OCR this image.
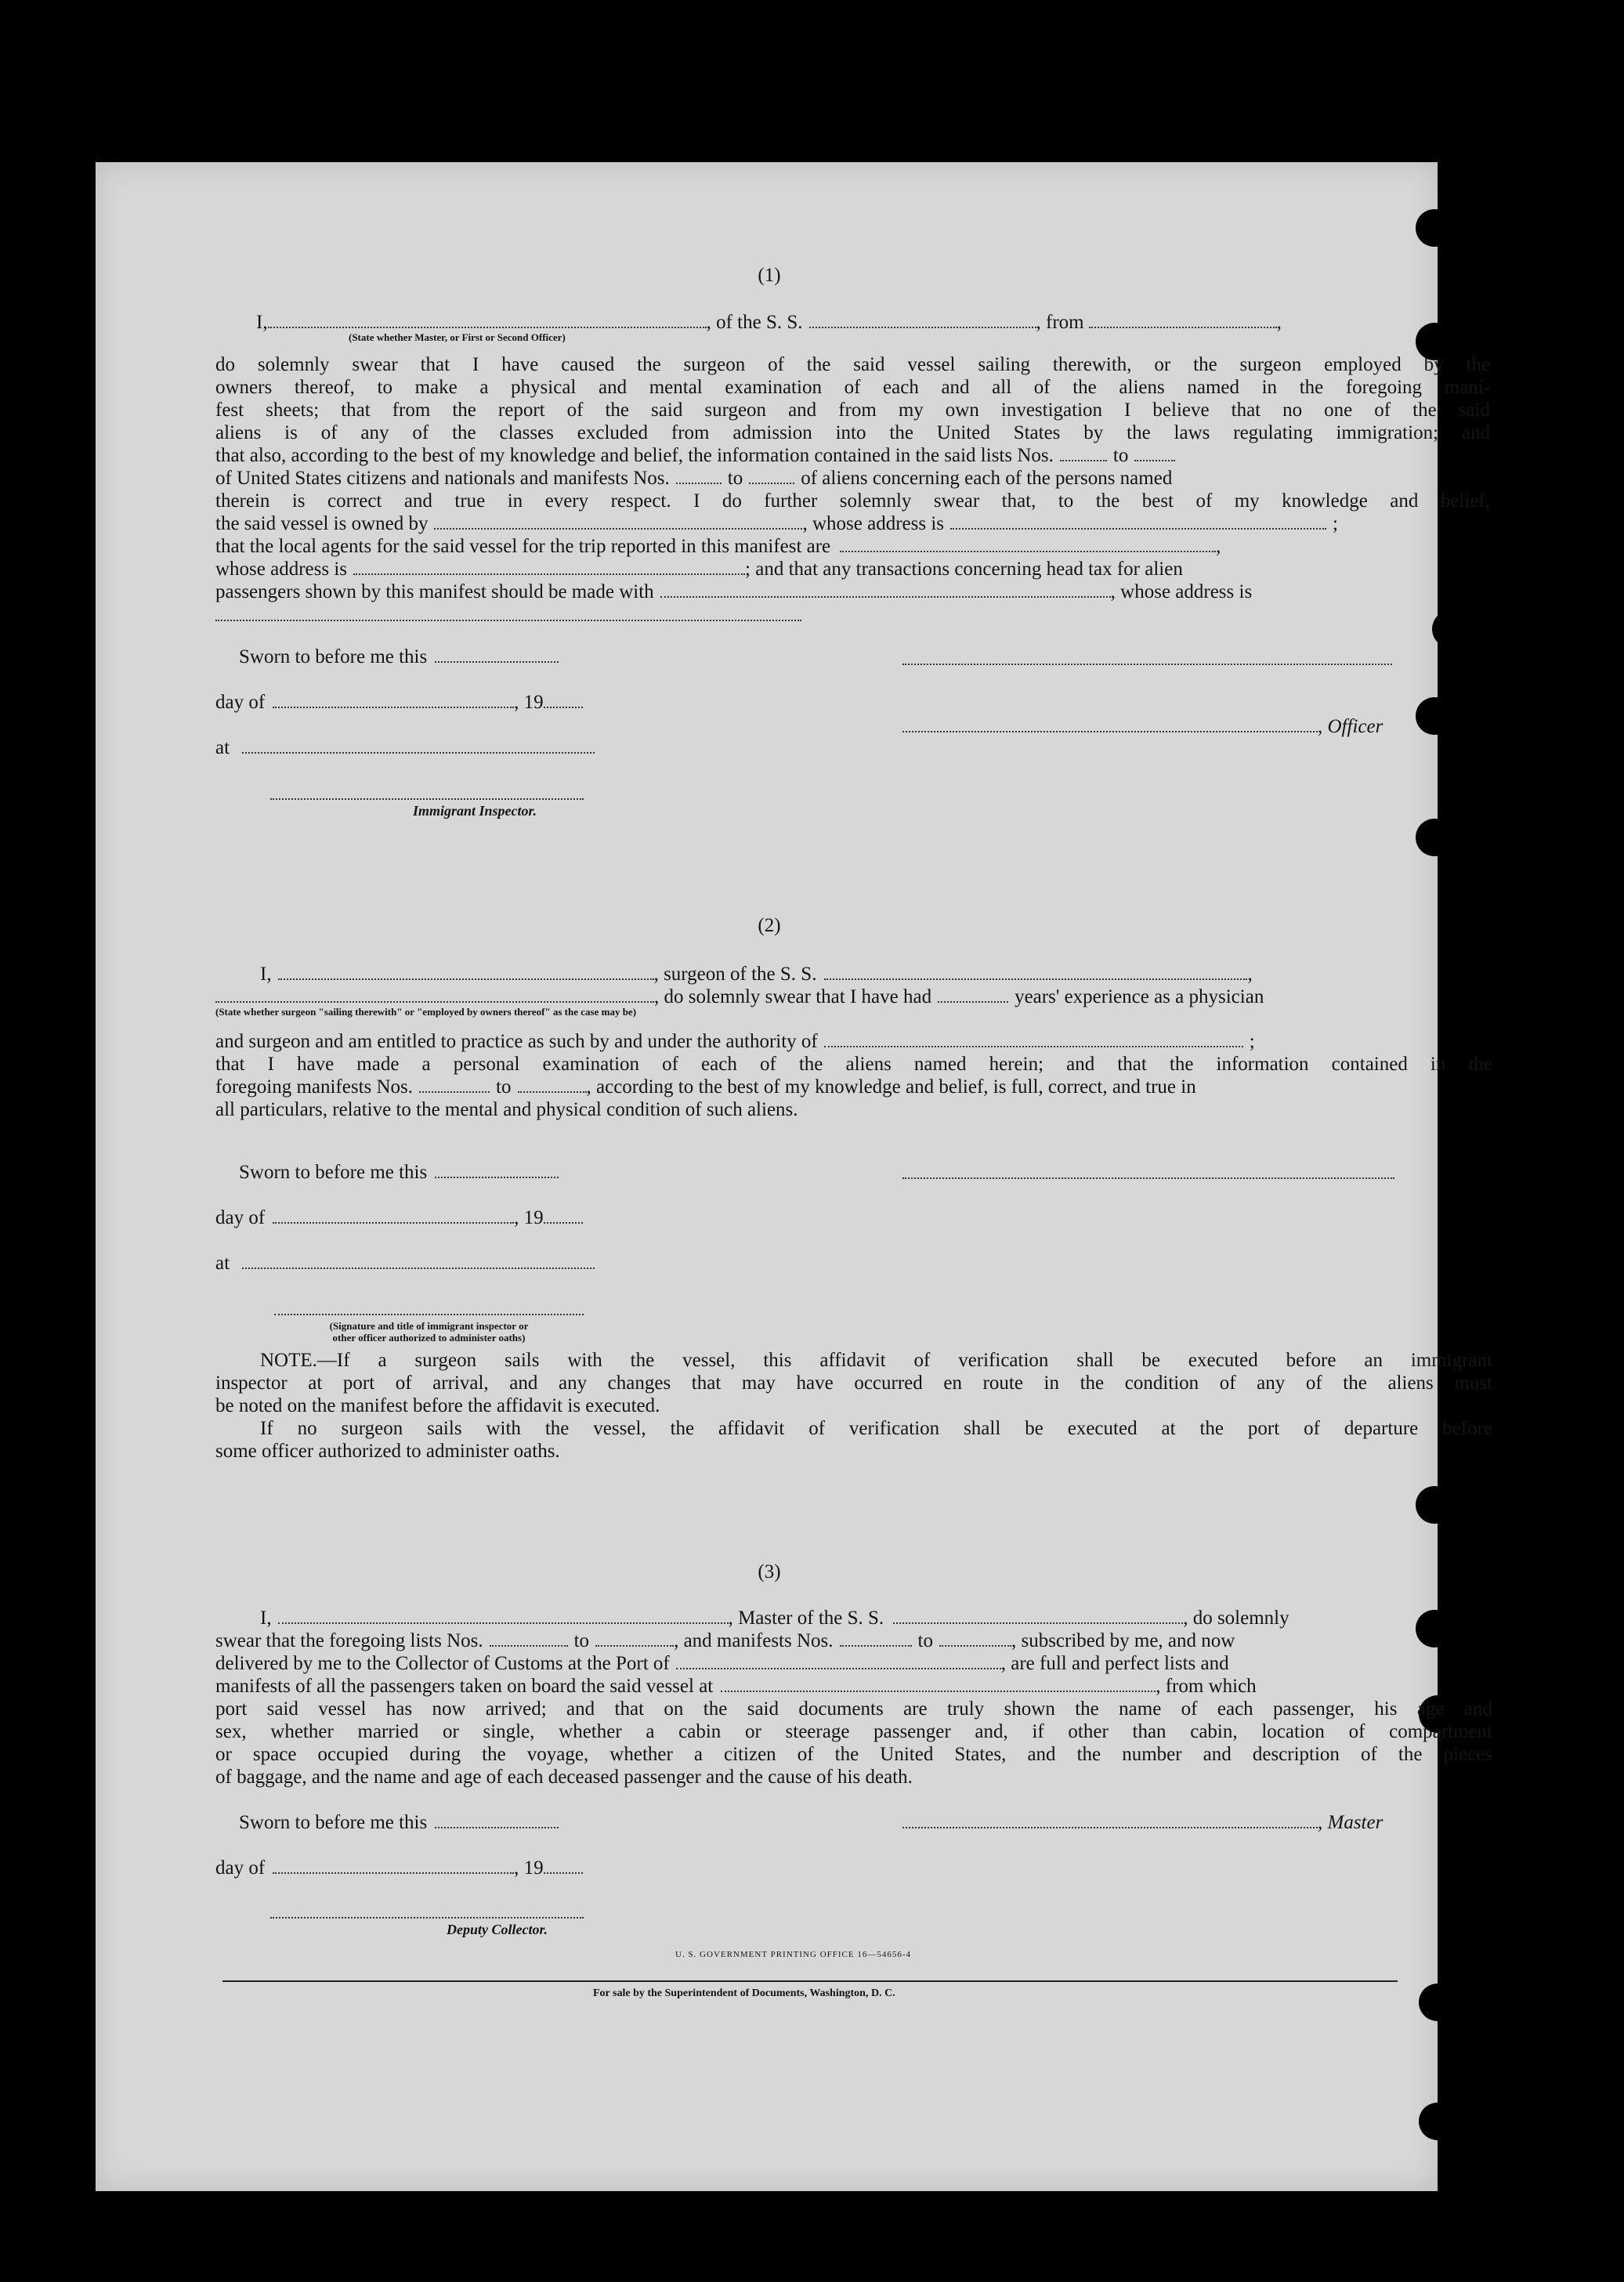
(1)
I,	, of the S. S.	, from	,
(State whether Master, or First or Second Officer)
do solemnly swear that I have caused the surgeon of the said vessel sailing therewith, or the surgeon employed by the
owners thereof, to make a physical and mental examination of each and all of the aliens named in the foregoing mani-
fest sheets; that from the report of the said surgeon and from my own investigation I believe that no one of the said
aliens is of any of the classes excluded from admission into the United States by the laws regulating immigration; and
that also, according to the best of my knowledge and belief, the information contained in the said lists Nos.	to
of United States citizens and nationals and manifests Nos.	to	of aliens concerning each of the persons named
therein is correct and true in every respect. I do further solemnly swear that, to the best of my knowledge and belief,
the said vessel is owned by	, whose address is	;
that the local agents for the said vessel for the trip reported in this manifest are	,
whose address is	; and that any transactions concerning head tax for alien
passengers shown by this manifest should be made with	, whose address is
Sworn to before me this
day of	, 19
at
Immigrant Inspector.
, Officer
(2)
I,	, surgeon of the S. S.	,
, do solemnly swear that I have had	years' experience as a physician
(State whether surgeon "sailing therewith" or "employed by owners thereof" as the case may be)
and surgeon and am entitled to practice as such by and under the authority of	;
that I have made a personal examination of each of the aliens named herein; and that the information contained in the
foregoing manifests Nos.	to	, according to the best of my knowledge and belief, is full, correct, and true in
all particulars, relative to the mental and physical condition of such aliens.
Sworn to before me this
day of	, 19
at
(Signature and title of immigrant inspector or
other officer authorized to administer oaths)
NOTE.—If a surgeon sails with the vessel, this affidavit of verification shall be executed before an immigrant
inspector at port of arrival, and any changes that may have occurred en route in the condition of any of the aliens must
be noted on the manifest before the affidavit is executed.
If no surgeon sails with the vessel, the affidavit of verification shall be executed at the port of departure before
some officer authorized to administer oaths.
(3)
I,	, Master of the S. S.	, do solemnly
swear that the foregoing lists Nos.	to	, and manifests Nos.	to	, subscribed by me, and now
delivered by me to the Collector of Customs at the Port of	, are full and perfect lists and
manifests of all the passengers taken on board the said vessel at	, from which
port said vessel has now arrived; and that on the said documents are truly shown the name of each passenger, his age and
sex, whether married or single, whether a cabin or steerage passenger and, if other than cabin, location of compartment
or space occupied during the voyage, whether a citizen of the United States, and the number and description of the pieces
of baggage, and the name and age of each deceased passenger and the cause of his death.
Sworn to before me this	, Master
day of	, 19
Deputy Collector.
U. S. GOVERNMENT PRINTING OFFICE 16—54656-4
For sale by the Superintendent of Documents, Washington, D. C.
